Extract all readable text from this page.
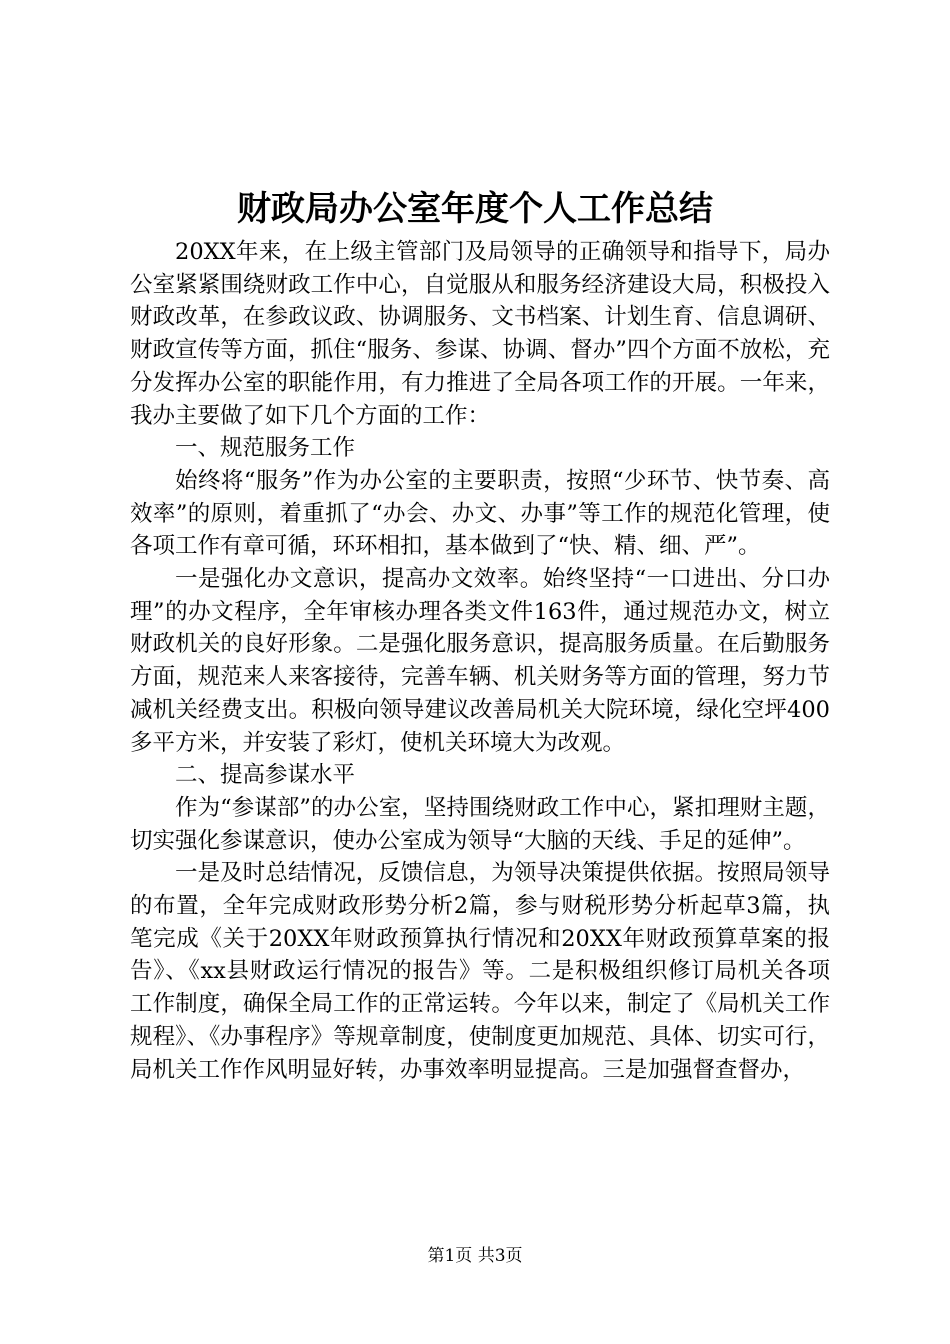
财政局办公室年度个人工作总结

20XX年来，在上级主管部门及局领导的正确领导和指导下，局办公室紧紧围绕财政工作中心，自觉服从和服务经济建设大局，积极投入财政改革，在参政议政、协调服务、文书档案、计划生育、信息调研、财政宣传等方面，抓住“服务、参谋、协调、督办”四个方面不放松，充分发挥办公室的职能作用，有力推进了全局各项工作的开展。一年来，我办主要做了如下几个方面的工作：

一、规范服务工作

始终将“服务”作为办公室的主要职责，按照“少环节、快节奏、高效率”的原则，着重抓了“办会、办文、办事”等工作的规范化管理，使各项工作有章可循，环环相扣，基本做到了“快、精、细、严”。

一是强化办文意识，提高办文效率。始终坚持“一口进出、分口办理”的办文程序，全年审核办理各类文件163件，通过规范办文，树立财政机关的良好形象。二是强化服务意识，提高服务质量。在后勤服务方面，规范来人来客接待，完善车辆、机关财务等方面的管理，努力节减机关经费支出。积极向领导建议改善局机关大院环境，绿化空坪400多平方米，并安装了彩灯，使机关环境大为改观。

二、提高参谋水平

作为“参谋部”的办公室，坚持围绕财政工作中心，紧扣理财主题，切实强化参谋意识，使办公室成为领导“大脑的天线、手足的延伸”。

一是及时总结情况，反馈信息，为领导决策提供依据。按照局领导的布置，全年完成财政形势分析2篇，参与财税形势分析起草3篇，执笔完成《关于20XX年财政预算执行情况和20XX年财政预算草案的报告》、《xx县财政运行情况的报告》等。二是积极组织修订局机关各项工作制度，确保全局工作的正常运转。今年以来，制定了《局机关工作规程》、《办事程序》等规章制度，使制度更加规范、具体、切实可行，局机关工作作风明显好转，办事效率明显提高。三是加强督查督办，

第1页 共3页
